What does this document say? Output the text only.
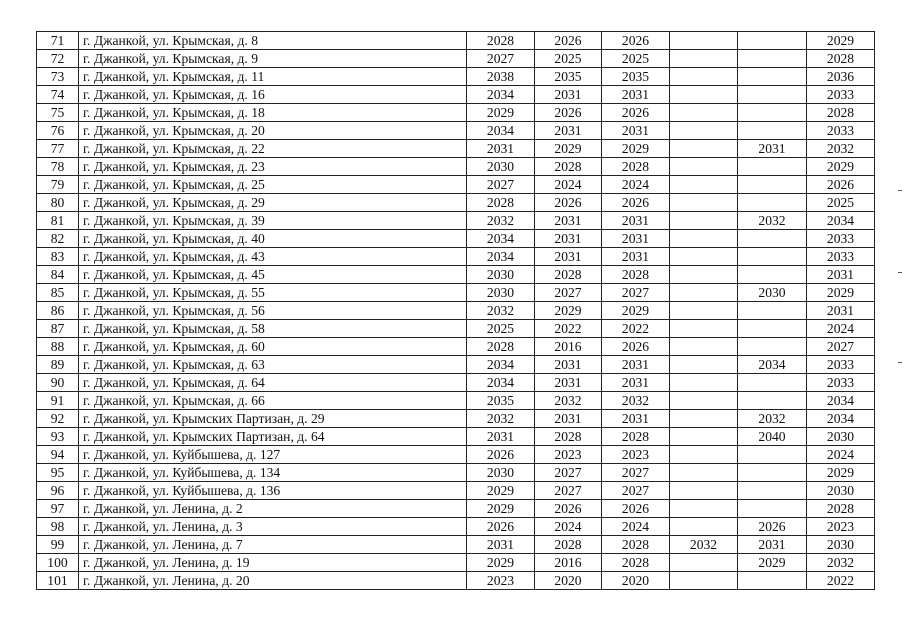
71	г. Джанкой, ул. Крымская, д. 8	2028	2026	2026			2029
72	г. Джанкой, ул. Крымская, д. 9	2027	2025	2025			2028
73	г. Джанкой, ул. Крымская, д. 11	2038	2035	2035			2036
74	г. Джанкой, ул. Крымская, д. 16	2034	2031	2031			2033
75	г. Джанкой, ул. Крымская, д. 18	2029	2026	2026			2028
76	г. Джанкой, ул. Крымская, д. 20	2034	2031	2031			2033
77	г. Джанкой, ул. Крымская, д. 22	2031	2029	2029		2031	2032
78	г. Джанкой, ул. Крымская, д. 23	2030	2028	2028			2029
79	г. Джанкой, ул. Крымская, д. 25	2027	2024	2024			2026
80	г. Джанкой, ул. Крымская, д. 29	2028	2026	2026			2025
81	г. Джанкой, ул. Крымская, д. 39	2032	2031	2031		2032	2034
82	г. Джанкой, ул. Крымская, д. 40	2034	2031	2031			2033
83	г. Джанкой, ул. Крымская, д. 43	2034	2031	2031			2033
84	г. Джанкой, ул. Крымская, д. 45	2030	2028	2028			2031
85	г. Джанкой, ул. Крымская, д. 55	2030	2027	2027		2030	2029
86	г. Джанкой, ул. Крымская, д. 56	2032	2029	2029			2031
87	г. Джанкой, ул. Крымская, д. 58	2025	2022	2022			2024
88	г. Джанкой, ул. Крымская, д. 60	2028	2016	2026			2027
89	г. Джанкой, ул. Крымская, д. 63	2034	2031	2031		2034	2033
90	г. Джанкой, ул. Крымская, д. 64	2034	2031	2031			2033
91	г. Джанкой, ул. Крымская, д. 66	2035	2032	2032			2034
92	г. Джанкой, ул. Крымских Партизан, д. 29	2032	2031	2031		2032	2034
93	г. Джанкой, ул. Крымских Партизан, д. 64	2031	2028	2028		2040	2030
94	г. Джанкой, ул. Куйбышева, д. 127	2026	2023	2023			2024
95	г. Джанкой, ул. Куйбышева, д. 134	2030	2027	2027			2029
96	г. Джанкой, ул. Куйбышева, д. 136	2029	2027	2027			2030
97	г. Джанкой, ул. Ленина, д. 2	2029	2026	2026			2028
98	г. Джанкой, ул. Ленина, д. 3	2026	2024	2024		2026	2023
99	г. Джанкой, ул. Ленина, д. 7	2031	2028	2028	2032	2031	2030
100	г. Джанкой, ул. Ленина, д. 19	2029	2016	2028		2029	2032
101	г. Джанкой, ул. Ленина, д. 20	2023	2020	2020			2022
